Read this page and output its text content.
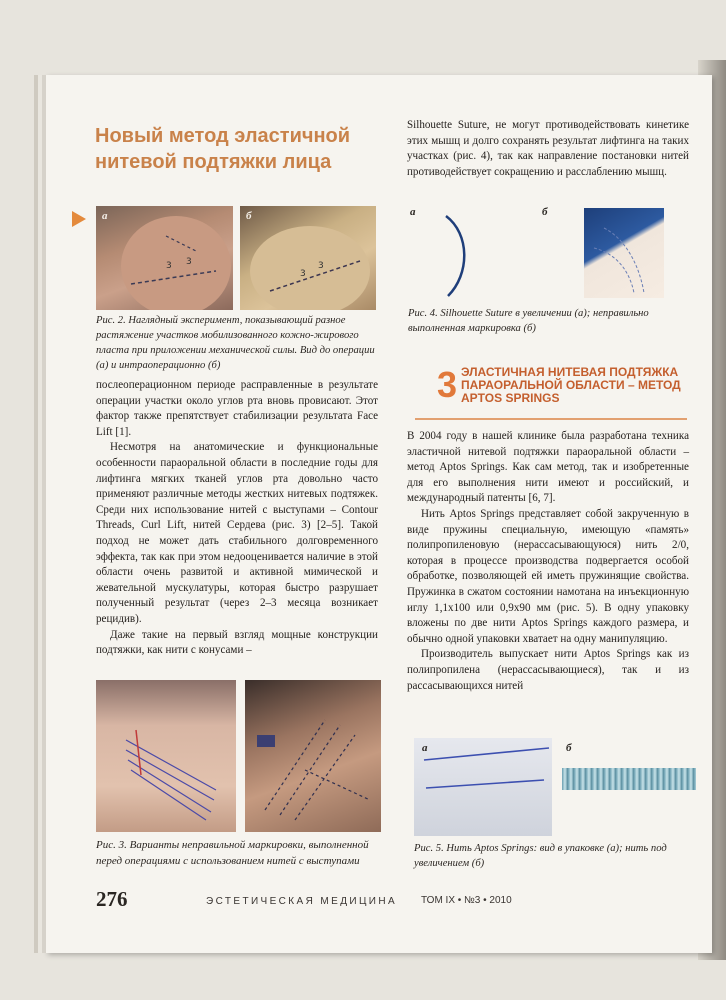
Новый метод эластичной нитевой подтяжки лица
3 3
а
3
3
б
Рис. 2. Наглядный эксперимент, показывающий разное растяжение участков мобилизованного кожно-жирового пласта при приложении механической силы. Вид до операции (а) и интраоперационно (б)

послеоперационном периоде расправленные в результате операции участки около углов рта вновь провисают. Этот фактор также препятствует стабилизации результата Face Lift [1].

Несмотря на анатомические и функциональные особенности параоральной области в последние годы для лифтинга мягких тканей углов рта довольно часто применяют различные методы жестких нитевых подтяжек. Среди них использование нитей с выступами – Contour Threads, Curl Lift, нитей Сердева (рис. 3) [2–5]. Такой подход не может дать стабильного долговременного эффекта, так как при этом недооценивается наличие в этой области очень развитой и активной мимической и жевательной мускулатуры, которая быстро разрушает полученный результат (через 2–3 месяца возникает рецидив).

Даже такие на первый взгляд мощные конструкции подтяжки, как нити с конусами –

Рис. 3. Варианты неправильной маркировки, выполненной перед операциями с использованием нитей с выступами

Silhouette Suture, не могут противодействовать кинетике этих мышц и долго сохранять результат лифтинга на таких участках (рис. 4), так как направление постановки нитей противодействует сокращению и расслаблению мышц.

а	б
Рис. 4. Silhouette Suture в увеличении (а); неправильно выполненная маркировка (б)
3 ЭЛАСТИЧНАЯ НИТЕВАЯ ПОДТЯЖКА ПАРАОРАЛЬНОЙ ОБЛАСТИ – МЕТОД APTOS SPRINGS

В 2004 году в нашей клинике была разработана техника эластичной нитевой подтяжки параоральной области – метод Aptos Springs. Как сам метод, так и изобретенные для его выполнения нити имеют и российский, и международный патенты [6, 7].

Нить Aptos Springs представляет собой закрученную в виде пружины специальную, имеющую «память» полипропиленовую (нерассасывающуюся) нить 2/0, которая в процессе производства подвергается особой обработке, позволяющей ей иметь пружинящие свойства. Пружинка в сжатом состоянии намотана на инъекционную иглу 1,1х100 или 0,9х90 мм (рис. 5). В одну упаковку вложены по две нити Aptos Springs каждого размера, и обычно одной упаковки хватает на одну манипуляцию.

Производитель выпускает нити Aptos Springs как из полипропилена (нерассасывающиеся), так и из рассасывающихся нитей

а	б
Рис. 5. Нить Aptos Springs: вид в упаковке (а); нить под увеличением (б)
276	ЭСТЕТИЧЕСКАЯ МЕДИЦИНА ТОМ IX • №3 • 2010
